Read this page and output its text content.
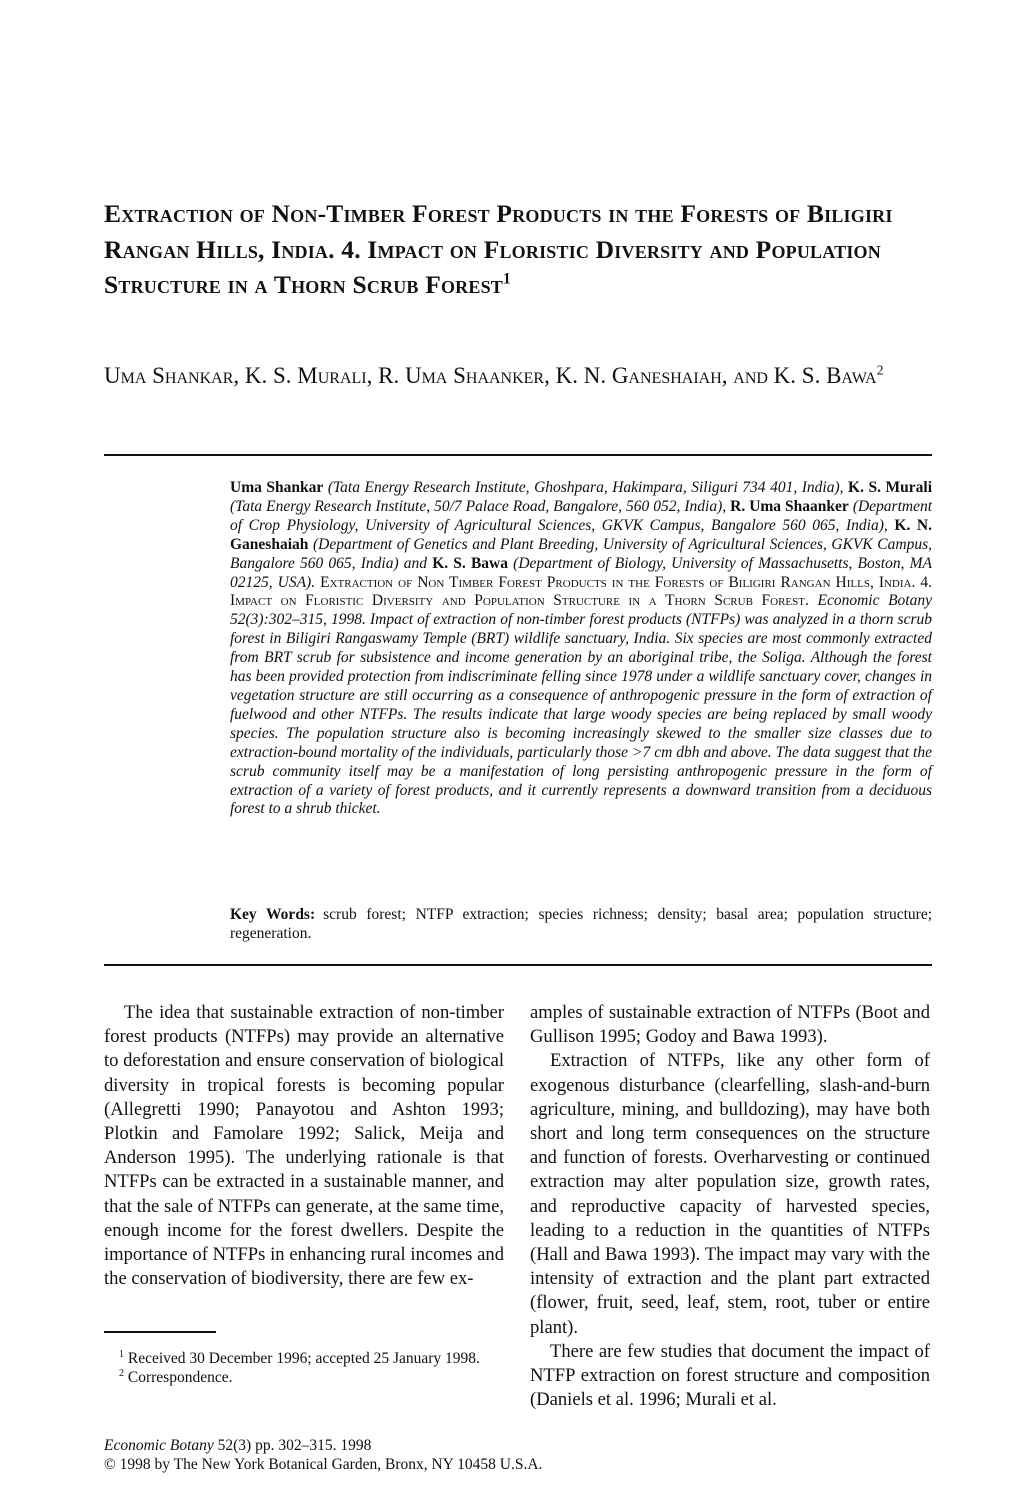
Extraction of Non-Timber Forest Products in the Forests of Biligiri Rangan Hills, India. 4. Impact on Floristic Diversity and Population Structure in a Thorn Scrub Forest$^1$

Uma Shankar, K. S. Murali, R. Uma Shaanker, K. N. Ganeshaiah, and K. S. Bawa$^2$

Uma Shankar (Tata Energy Research Institute, Ghoshpara, Hakimpara, Siliguri 734 401, India), K. S. Murali (Tata Energy Research Institute, 50/7 Palace Road, Bangalore, 560 052, India), R. Uma Shaanker (Department of Crop Physiology, University of Agricultural Sciences, GKVK Campus, Bangalore 560 065, India), K. N. Ganeshaiah (Department of Genetics and Plant Breeding, University of Agricultural Sciences, GKVK Campus, Bangalore 560 065, India) and K. S. Bawa (Department of Biology, University of Massachusetts, Boston, MA 02125, USA). Extraction of Non Timber Forest Products in the Forests of Biligiri Rangan Hills, India. 4. Impact on Floristic Diversity and Population Structure in a Thorn Scrub Forest. Economic Botany 52(3):302–315, 1998. Impact of extraction of non-timber forest products (NTFPs) was analyzed in a thorn scrub forest in Biligiri Rangaswamy Temple (BRT) wildlife sanctuary, India. Six species are most commonly extracted from BRT scrub for subsistence and income generation by an aboriginal tribe, the Soliga. Although the forest has been provided protection from indiscriminate felling since 1978 under a wildlife sanctuary cover, changes in vegetation structure are still occurring as a consequence of anthropogenic pressure in the form of extraction of fuelwood and other NTFPs. The results indicate that large woody species are being replaced by small woody species. The population structure also is becoming increasingly skewed to the smaller size classes due to extraction-bound mortality of the individuals, particularly those >7 cm dbh and above. The data suggest that the scrub community itself may be a manifestation of long persisting anthropogenic pressure in the form of extraction of a variety of forest products, and it currently represents a downward transition from a deciduous forest to a shrub thicket.

Key Words: scrub forest; NTFP extraction; species richness; density; basal area; population structure; regeneration.

The idea that sustainable extraction of non-timber forest products (NTFPs) may provide an alternative to deforestation and ensure conservation of biological diversity in tropical forests is becoming popular (Allegretti 1990; Panayotou and Ashton 1993; Plotkin and Famolare 1992; Salick, Meija and Anderson 1995). The underlying rationale is that NTFPs can be extracted in a sustainable manner, and that the sale of NTFPs can generate, at the same time, enough income for the forest dwellers. Despite the importance of NTFPs in enhancing rural incomes and the conservation of biodiversity, there are few ex-

amples of sustainable extraction of NTFPs (Boot and Gullison 1995; Godoy and Bawa 1993).

Extraction of NTFPs, like any other form of exogenous disturbance (clearfelling, slash-and-burn agriculture, mining, and bulldozing), may have both short and long term consequences on the structure and function of forests. Overharvesting or continued extraction may alter population size, growth rates, and reproductive capacity of harvested species, leading to a reduction in the quantities of NTFPs (Hall and Bawa 1993). The impact may vary with the intensity of extraction and the plant part extracted (flower, fruit, seed, leaf, stem, root, tuber or entire plant).

There are few studies that document the impact of NTFP extraction on forest structure and composition (Daniels et al. 1996; Murali et al.

$^1$ Received 30 December 1996; accepted 25 January 1998.

$^2$ Correspondence.

Economic Botany 52(3) pp. 302–315. 1998
© 1998 by The New York Botanical Garden, Bronx, NY 10458 U.S.A.
